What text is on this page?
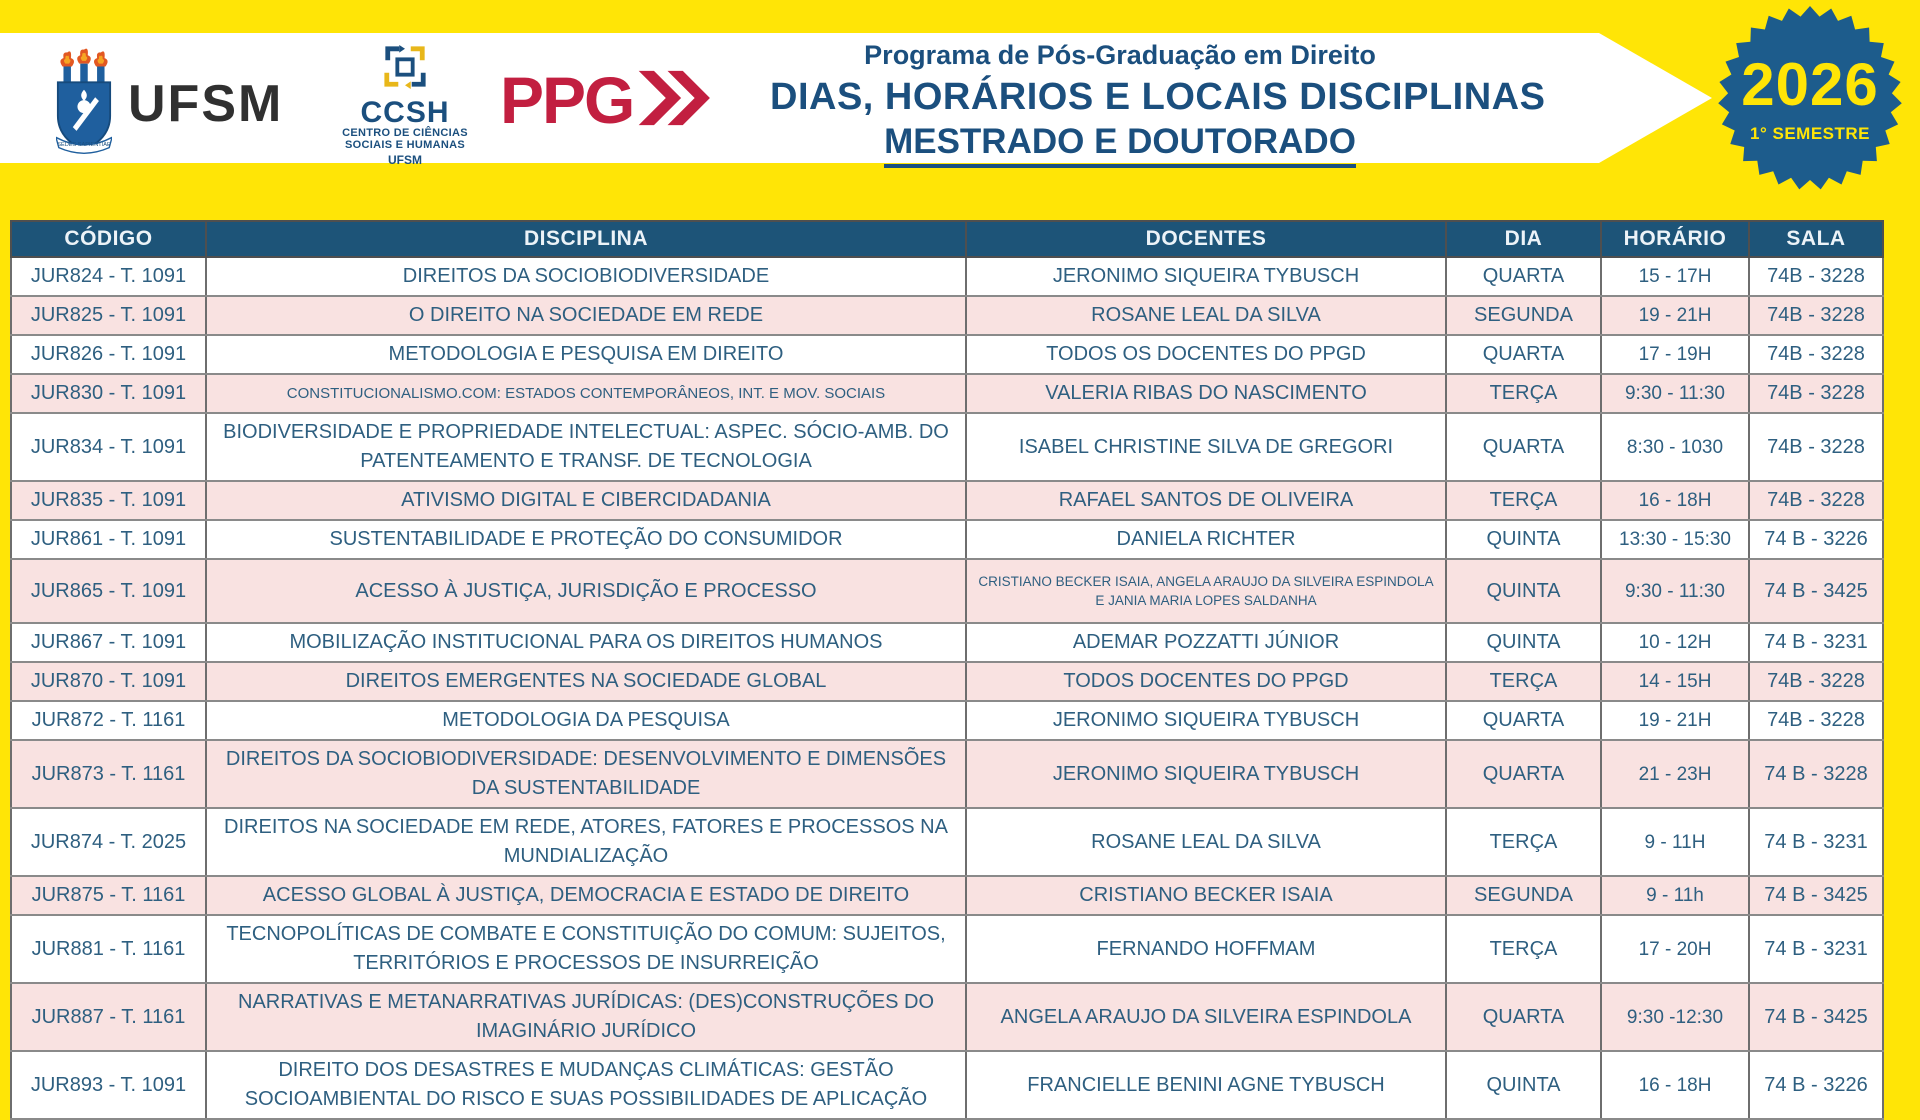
SEDES SAPIENTIAE
UFSM	CCSH
CENTRO DE CIÊNCIAS
SOCIAIS E HUMANAS
UFSM
PPG
Programa de Pós-Graduação em Direito
DIAS, HORÁRIOS E LOCAIS DISCIPLINAS
MESTRADO E DOUTORADO
2026
1° SEMESTRE
CÓDIGO	DISCIPLINA	DOCENTES	DIA	HORÁRIO	SALA
JUR824 - T. 1091	DIREITOS DA SOCIOBIODIVERSIDADE	JERONIMO SIQUEIRA TYBUSCH	QUARTA	15 - 17H	74B - 3228
JUR825 - T. 1091	O DIREITO NA SOCIEDADE EM REDE	ROSANE LEAL DA SILVA	SEGUNDA	19 - 21H	74B - 3228
JUR826 - T. 1091	METODOLOGIA E PESQUISA EM DIREITO	TODOS OS DOCENTES DO PPGD	QUARTA	17 - 19H	74B - 3228
JUR830 - T. 1091	CONSTITUCIONALISMO.COM: ESTADOS CONTEMPORÂNEOS, INT. E MOV. SOCIAIS	VALERIA RIBAS DO NASCIMENTO	TERÇA	9:30 - 11:30	74B - 3228
JUR834 - T. 1091	BIODIVERSIDADE E PROPRIEDADE INTELECTUAL: ASPEC. SÓCIO-AMB. DO PATENTEAMENTO E TRANSF. DE TECNOLOGIA	ISABEL CHRISTINE SILVA DE GREGORI	QUARTA	8:30 - 1030	74B - 3228
JUR835 - T. 1091	ATIVISMO DIGITAL E CIBERCIDADANIA	RAFAEL SANTOS DE OLIVEIRA	TERÇA	16 - 18H	74B - 3228
JUR861 - T. 1091	SUSTENTABILIDADE E PROTEÇÃO DO CONSUMIDOR	DANIELA RICHTER	QUINTA	13:30 - 15:30	74 B - 3226
JUR865 - T. 1091	ACESSO À JUSTIÇA, JURISDIÇÃO E PROCESSO	CRISTIANO BECKER ISAIA, ANGELA ARAUJO DA SILVEIRA ESPINDOLA E JANIA MARIA LOPES SALDANHA	QUINTA	9:30 - 11:30	74 B - 3425
JUR867 - T. 1091	MOBILIZAÇÃO INSTITUCIONAL PARA OS DIREITOS HUMANOS	ADEMAR POZZATTI JÚNIOR	QUINTA	10 - 12H	74 B - 3231
JUR870 - T. 1091	DIREITOS EMERGENTES NA SOCIEDADE GLOBAL	TODOS DOCENTES DO PPGD	TERÇA	14 - 15H	74B - 3228
JUR872 - T. 1161	METODOLOGIA DA PESQUISA	JERONIMO SIQUEIRA TYBUSCH	QUARTA	19 - 21H	74B - 3228
JUR873 - T. 1161	DIREITOS DA SOCIOBIODIVERSIDADE: DESENVOLVIMENTO E DIMENSÕES DA SUSTENTABILIDADE	JERONIMO SIQUEIRA TYBUSCH	QUARTA	21 - 23H	74 B - 3228
JUR874 - T. 2025	DIREITOS NA SOCIEDADE EM REDE, ATORES, FATORES E PROCESSOS NA MUNDIALIZAÇÃO	ROSANE LEAL DA SILVA	TERÇA	9 - 11H	74 B - 3231
JUR875 - T. 1161	ACESSO GLOBAL À JUSTIÇA, DEMOCRACIA E ESTADO DE DIREITO	CRISTIANO BECKER ISAIA	SEGUNDA	9 - 11h	74 B - 3425
JUR881 - T. 1161	TECNOPOLÍTICAS DE COMBATE E CONSTITUIÇÃO DO COMUM: SUJEITOS, TERRITÓRIOS E PROCESSOS DE INSURREIÇÃO	FERNANDO HOFFMAM	TERÇA	17 - 20H	74 B - 3231
JUR887 - T. 1161	NARRATIVAS E METANARRATIVAS JURÍDICAS: (DES)CONSTRUÇÕES DO IMAGINÁRIO JURÍDICO	ANGELA ARAUJO DA SILVEIRA ESPINDOLA	QUARTA	9:30 -12:30	74 B - 3425
JUR893 - T. 1091	DIREITO DOS DESASTRES E MUDANÇAS CLIMÁTICAS: GESTÃO SOCIOAMBIENTAL DO RISCO E SUAS POSSIBILIDADES DE APLICAÇÃO	FRANCIELLE BENINI AGNE TYBUSCH	QUINTA	16 - 18H	74 B - 3226
